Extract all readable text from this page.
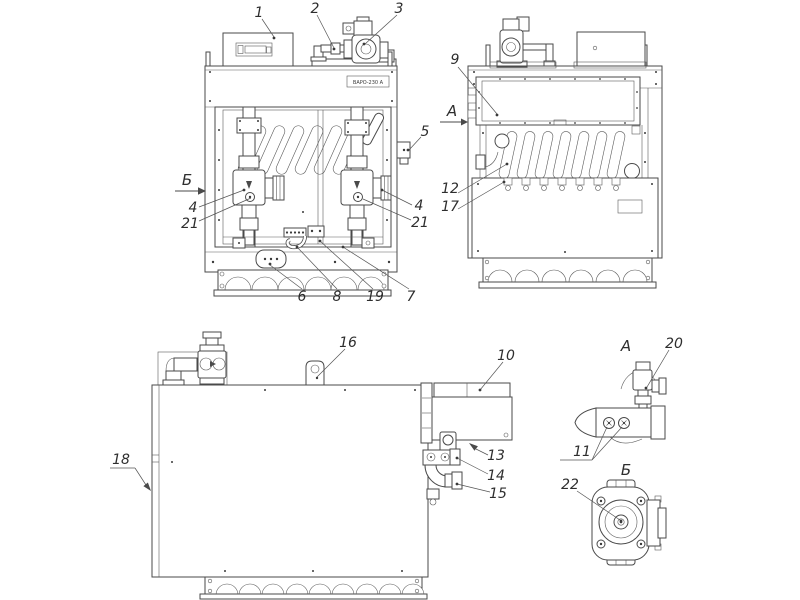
ВАРО-230 А
Б
1	2	3
5
4
21
4
21
6 8 19 7
А
9
12
17
16
18
10
13
14
15
А 20
11
Б
22
